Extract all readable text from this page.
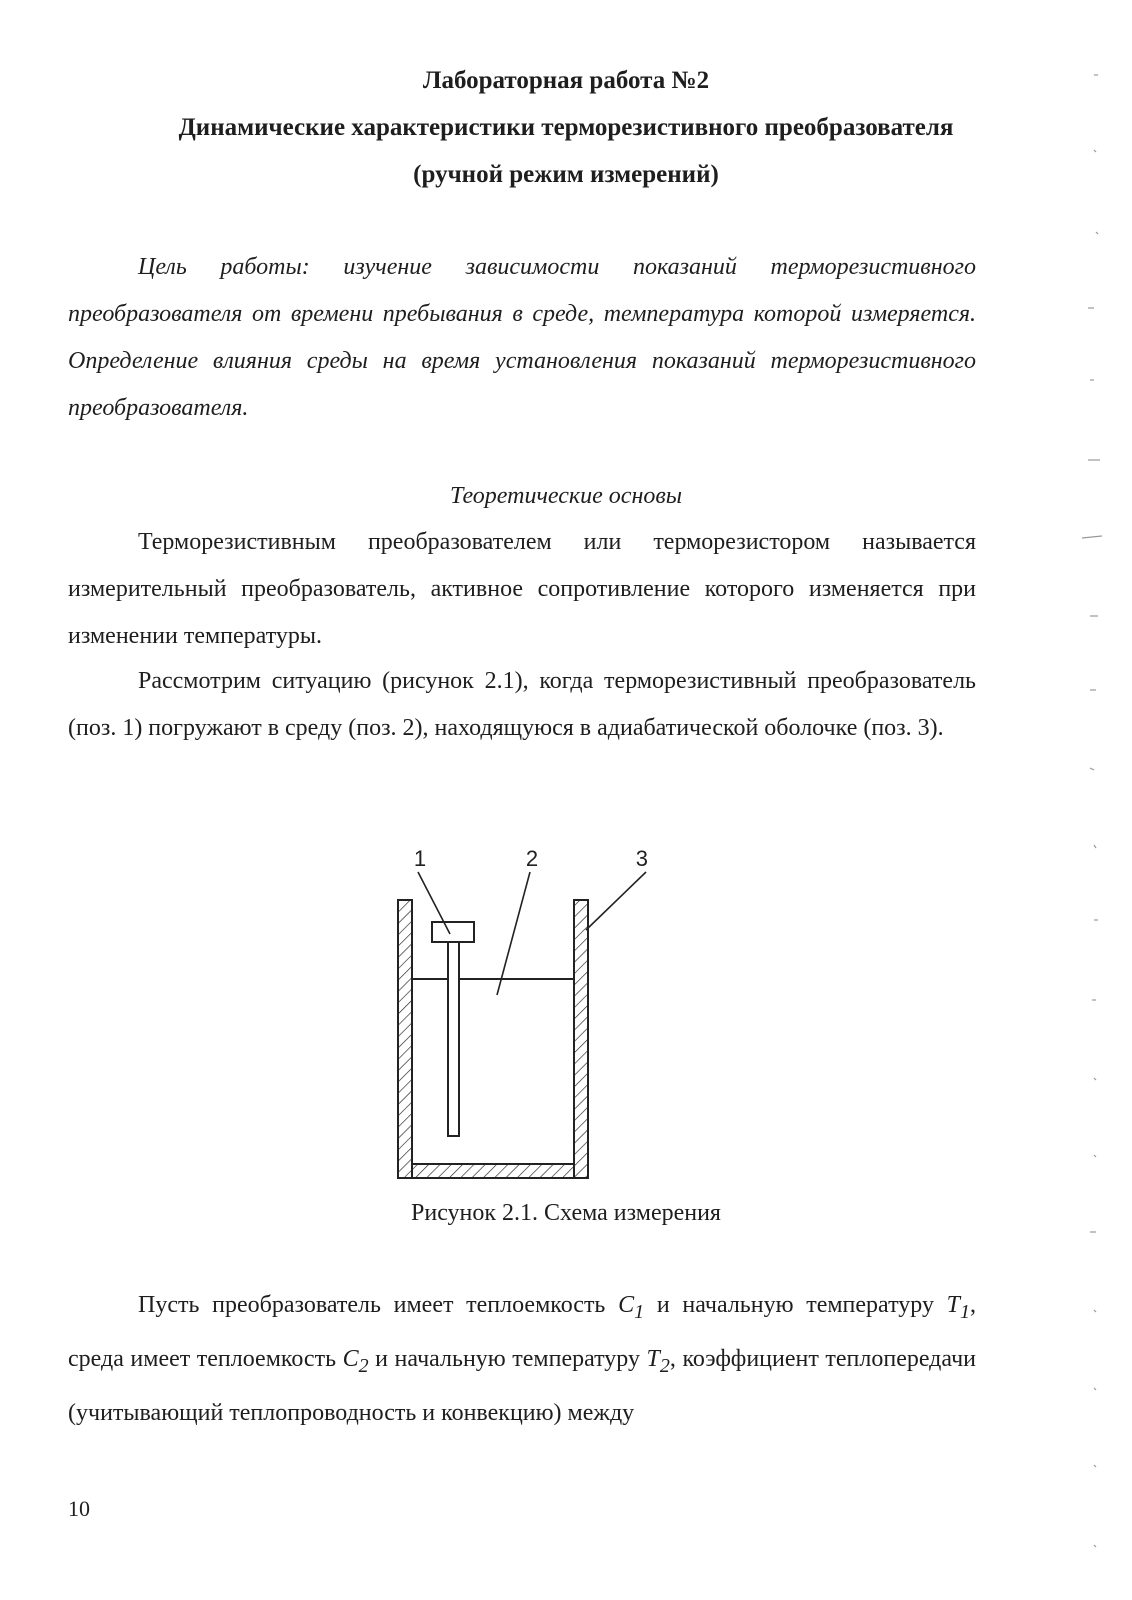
Лабораторная работа №2
Динамические характеристики терморезистивного преобразователя
(ручной режим измерений)
Цель работы: изучение зависимости показаний терморезистивного преобразователя от времени пребывания в среде, температура которой измеряется. Определение влияния среды на время установления показаний терморезистивного преобразователя.
Теоретические основы
Терморезистивным преобразователем или терморезистором называется измерительный преобразователь, активное сопротивление которого изменяется при изменении температуры.
Рассмотрим ситуацию (рисунок 2.1), когда терморезистивный преобразователь (поз. 1) погружают в среду (поз. 2), находящуюся в адиабатической оболочке (поз. 3).
1	2	3
Рисунок 2.1. Схема измерения
Пусть преобразователь имеет теплоемкость $C_1$ и начальную температуру $T_1$, среда имеет теплоемкость $C_2$ и начальную температуру $T_2$, коэффициент теплопередачи (учитывающий теплопроводность и конвекцию) между
10
